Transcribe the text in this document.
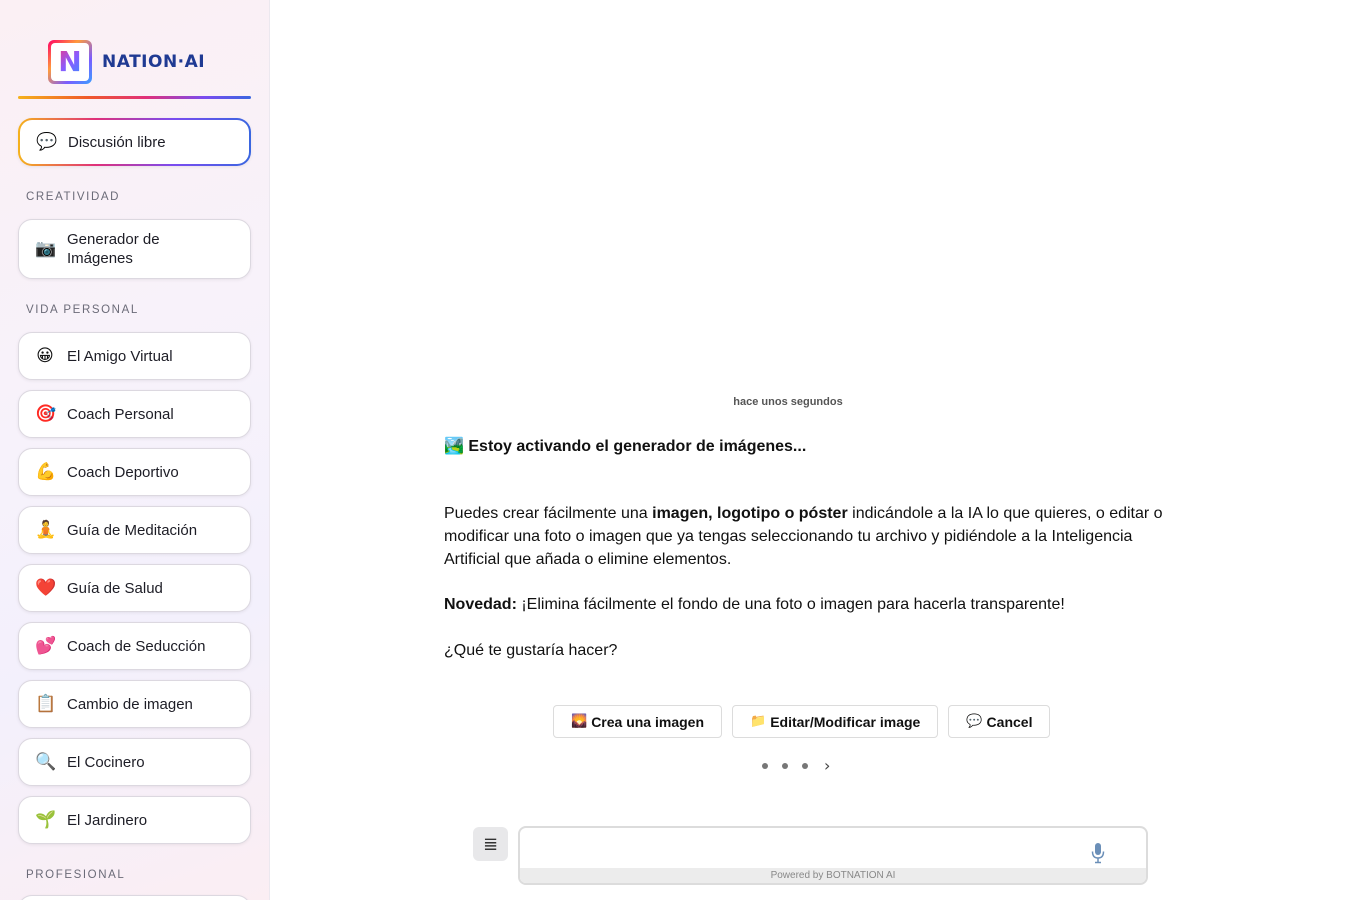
N NATION·AI
💬 Discusión libre
CREATIVIDAD
📷 Generador de Imágenes
VIDA PERSONAL
😀 El Amigo Virtual
🎯 Coach Personal
💪 Coach Deportivo
🧘 Guía de Meditación
❤️ Guía de Salud
💕 Coach de Seducción
📋 Cambio de imagen
🔍 El Cocinero
🌱 El Jardinero
PROFESIONAL
hace unos segundos

🏞️ Estoy activando el generador de imágenes...

Puedes crear fácilmente una imagen, logotipo o póster indicándole a la IA lo que quieres, o editar o modificar una foto o imagen que ya tengas seleccionando tu archivo y pidiéndole a la Inteligencia Artificial que añada o elimine elementos.

Novedad: ¡Elimina fácilmente el fondo de una foto o imagen para hacerla transparente!

¿Qué te gustaría hacer?

🌄 Crea una imagen	📁 Editar/Modificar image	💬 Cancel
›
≣
Powered by BOTNATION AI
